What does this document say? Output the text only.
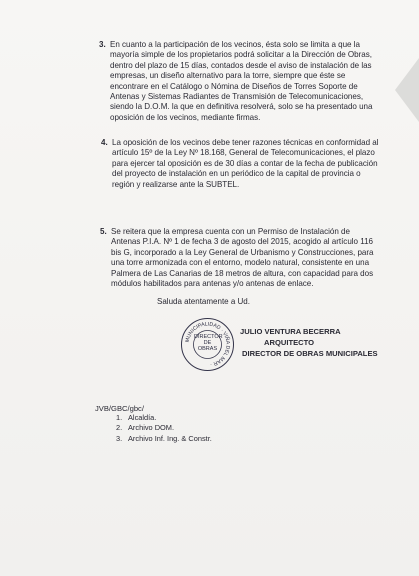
3. En cuanto a la participación de los vecinos, ésta solo se limita a que la
mayoría simple de los propietarios podrá solicitar a la Dirección de Obras,
dentro del plazo de 15 días, contados desde el aviso de instalación de las
empresas, un diseño alternativo para la torre, siempre que éste se
encontrare en el Catálogo o Nómina de Diseños de Torres Soporte de
Antenas y Sistemas Radiantes de Transmisión de Telecomunicaciones,
siendo la D.O.M. la que en definitiva resolverá, solo se ha presentado una
oposición de los vecinos, mediante firmas.

4. La oposición de los vecinos debe tener razones técnicas en conformidad al
artículo 15º de la Ley Nº 18.168, General de Telecomunicaciones, el plazo
para ejercer tal oposición es de 30 días a contar de la fecha de publicación
del proyecto de instalación en un periódico de la capital de provincia o
región y realizarse ante la SUBTEL.

5. Se reitera que la empresa cuenta con un Permiso de Instalación de
Antenas P.I.A. Nº 1 de fecha 3 de agosto del 2015, acogido al artículo 116
bis G, incorporado a la Ley General de Urbanismo y Construcciones, para
una torre armonizada con el entorno, modelo natural, consistente en una
Palmera de Las Canarias de 18 metros de altura, con capacidad para dos
módulos habilitados para antenas y/o antenas de enlace.

Saluda atentamente a Ud.
MUNICIPALIDAD · VIÑA DEL MAR ·
DIRECTOR
DE
OBRAS
JULIO VENTURA BECERRA
ARQUITECTO
DIRECTOR DE OBRAS MUNICIPALES
JVB/GBC/gbc/
1. Alcaldía.
2. Archivo DOM.
3. Archivo Inf. Ing. & Constr.
